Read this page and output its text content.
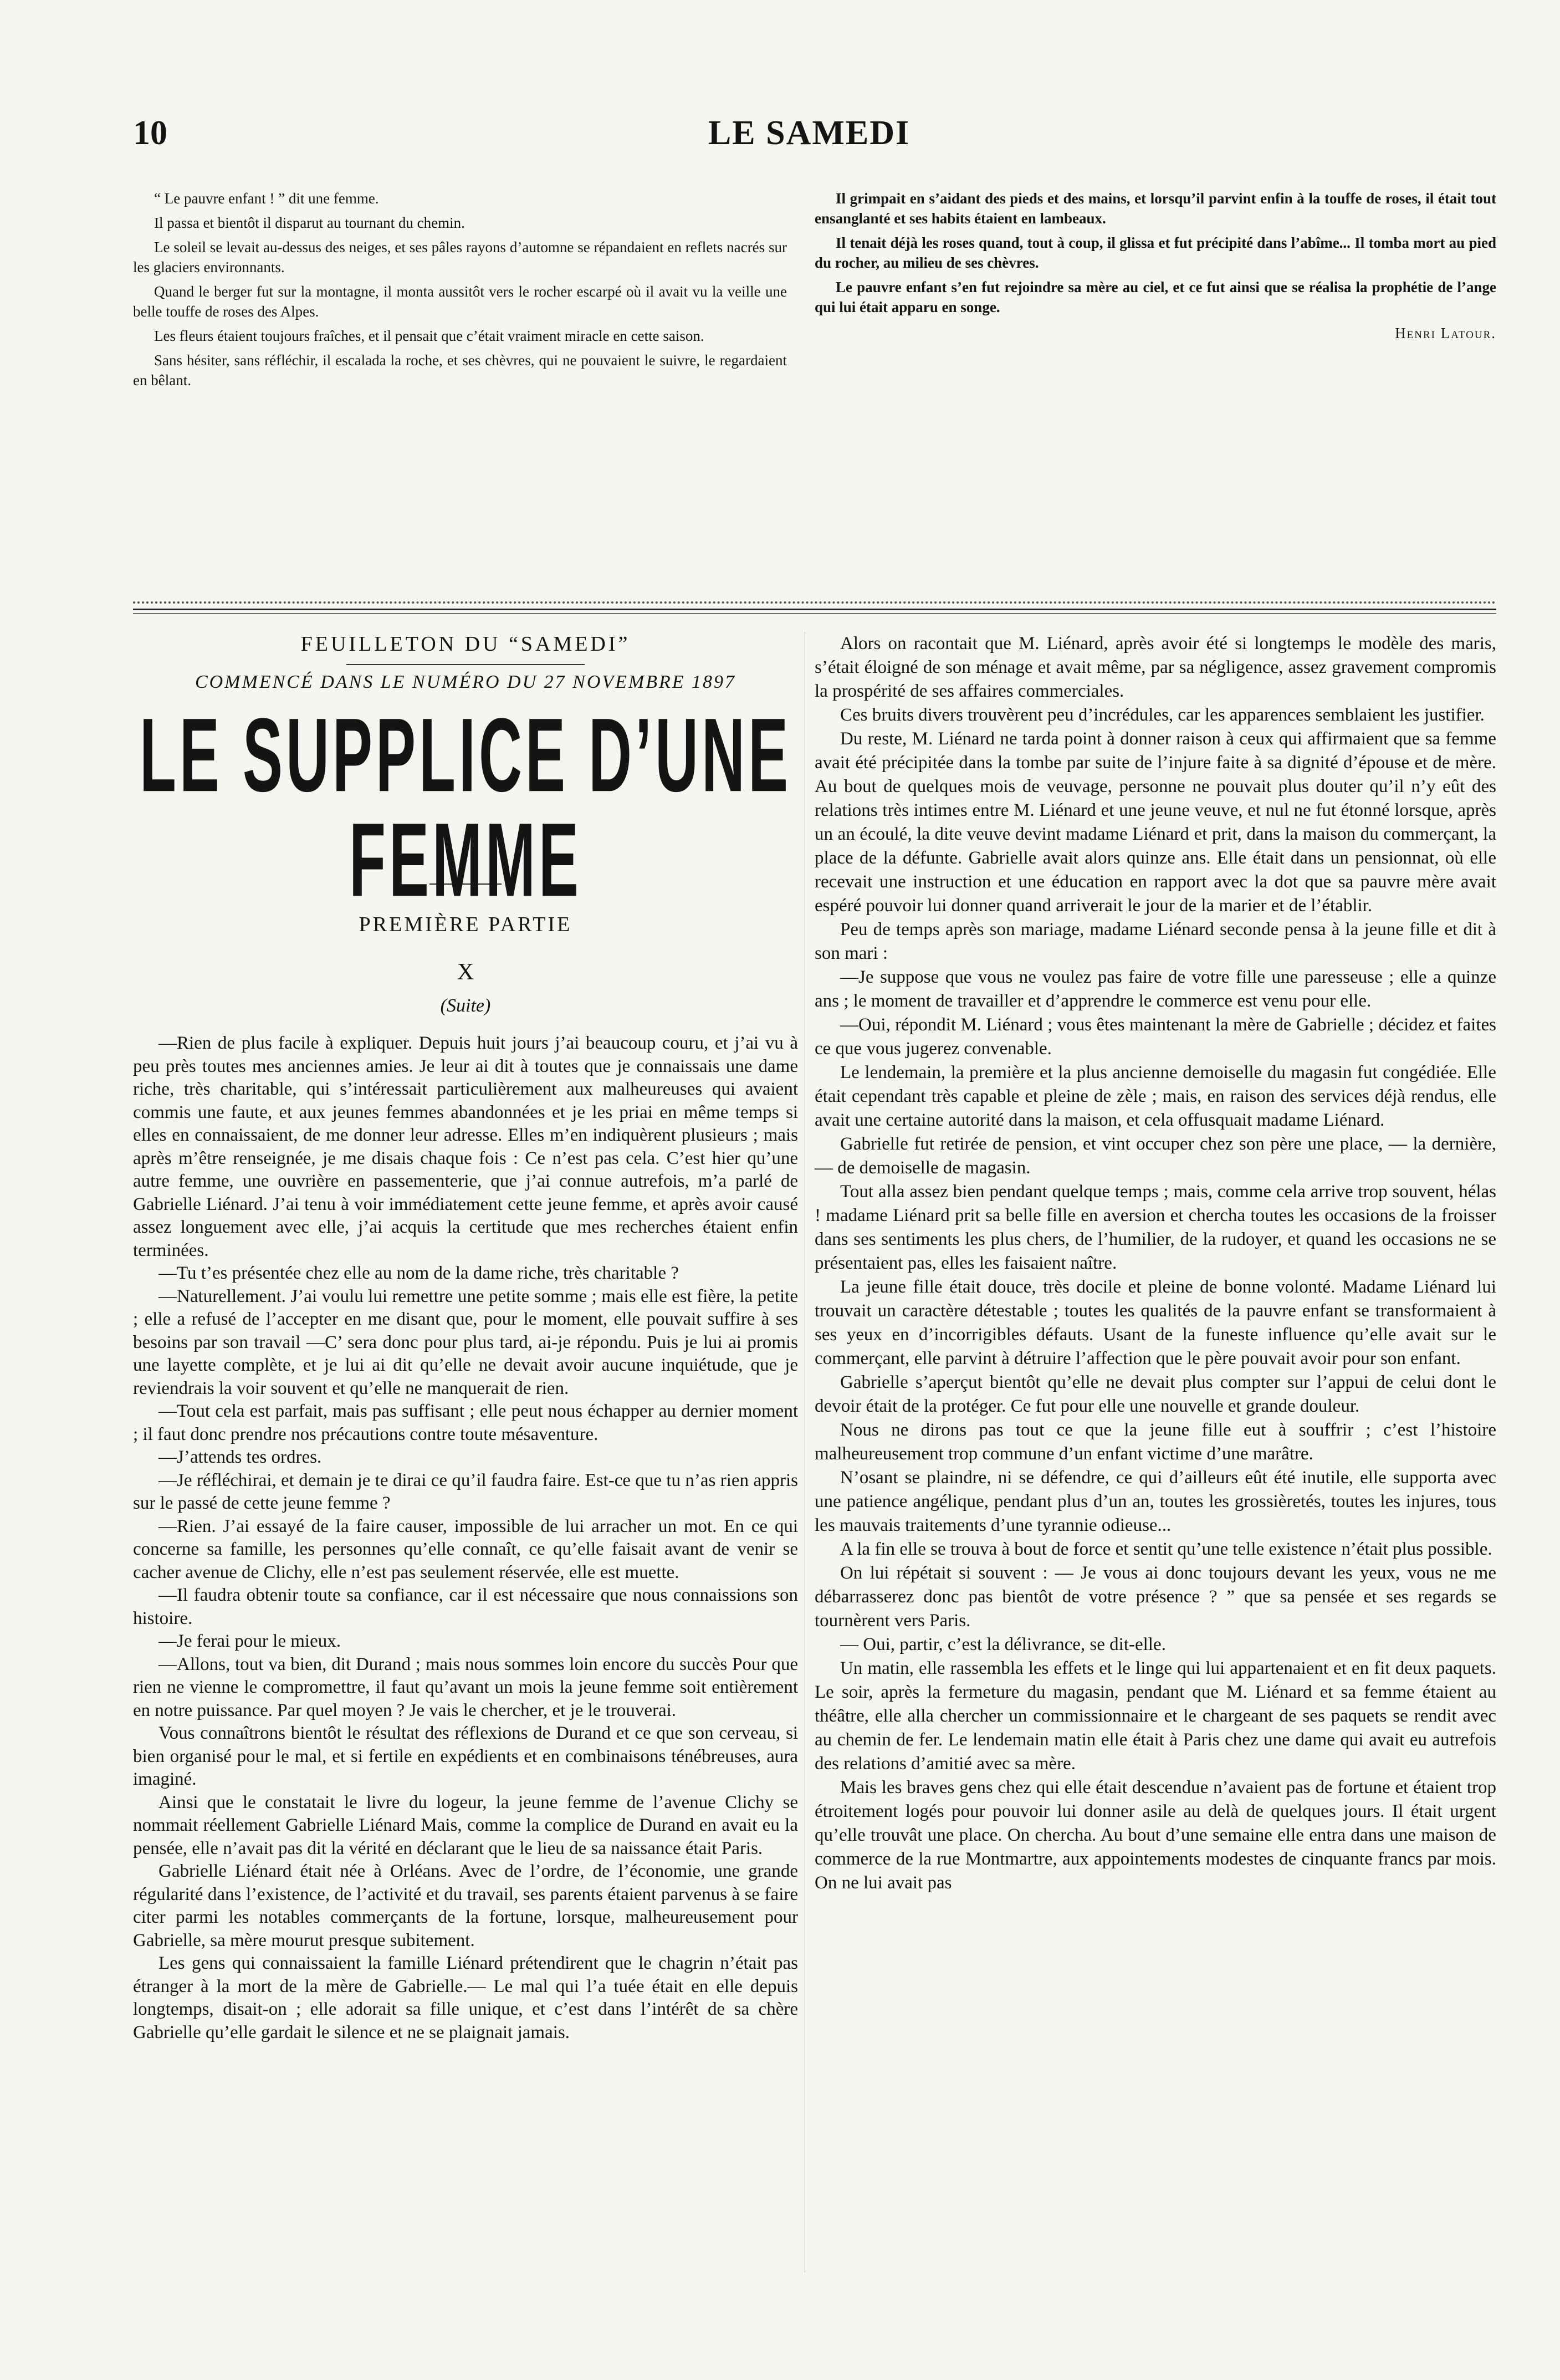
10	LE SAMEDI

“ Le pauvre enfant ! ” dit une femme.

Il passa et bientôt il disparut au tournant du chemin.

Le soleil se levait au-dessus des neiges, et ses pâles rayons d’automne se répandaient en reflets nacrés sur les glaciers environnants.

Quand le berger fut sur la montagne, il monta aussitôt vers le rocher escarpé où il avait vu la veille une belle touffe de roses des Alpes.

Les fleurs étaient toujours fraîches, et il pensait que c’était vraiment miracle en cette saison.

Sans hésiter, sans réfléchir, il escalada la roche, et ses chèvres, qui ne pouvaient le suivre, le regardaient en bêlant.

Il grimpait en s’aidant des pieds et des mains, et lorsqu’il parvint enfin à la touffe de roses, il était tout ensanglanté et ses habits étaient en lambeaux.

Il tenait déjà les roses quand, tout à coup, il glissa et fut précipité dans l’abîme... Il tomba mort au pied du rocher, au milieu de ses chèvres.

Le pauvre enfant s’en fut rejoindre sa mère au ciel, et ce fut ainsi que se réalisa la prophétie de l’ange qui lui était apparu en songe.

Henri Latour.
FEUILLETON DU “SAMEDI”
COMMENCÉ DANS LE NUMÉRO DU 27 NOVEMBRE 1897
LE SUPPLICE D’UNE FEMME
PREMIÈRE PARTIE
X
(Suite)

—Rien de plus facile à expliquer. Depuis huit jours j’ai beaucoup couru, et j’ai vu à peu près toutes mes anciennes amies. Je leur ai dit à toutes que je connaissais une dame riche, très charitable, qui s’intéressait particulièrement aux malheureuses qui avaient commis une faute, et aux jeunes femmes abandonnées et je les priai en même temps si elles en connaissaient, de me donner leur adresse. Elles m’en indiquèrent plusieurs ; mais après m’être renseignée, je me disais chaque fois : Ce n’est pas cela. C’est hier qu’une autre femme, une ouvrière en passementerie, que j’ai connue autrefois, m’a parlé de Gabrielle Liénard. J’ai tenu à voir immédiatement cette jeune femme, et après avoir causé assez longuement avec elle, j’ai acquis la certitude que mes recherches étaient enfin terminées.

—Tu t’es présentée chez elle au nom de la dame riche, très charitable ?

—Naturellement. J’ai voulu lui remettre une petite somme ; mais elle est fière, la petite ; elle a refusé de l’accepter en me disant que, pour le moment, elle pouvait suffire à ses besoins par son travail —C’ sera donc pour plus tard, ai-je répondu. Puis je lui ai promis une layette complète, et je lui ai dit qu’elle ne devait avoir aucune inquiétude, que je reviendrais la voir souvent et qu’elle ne manquerait de rien.

—Tout cela est parfait, mais pas suffisant ; elle peut nous échapper au dernier moment ; il faut donc prendre nos précautions contre toute mésaventure.

—J’attends tes ordres.

—Je réfléchirai, et demain je te dirai ce qu’il faudra faire. Est-ce que tu n’as rien appris sur le passé de cette jeune femme ?

—Rien. J’ai essayé de la faire causer, impossible de lui arracher un mot. En ce qui concerne sa famille, les personnes qu’elle connaît, ce qu’elle faisait avant de venir se cacher avenue de Clichy, elle n’est pas seulement réservée, elle est muette.

—Il faudra obtenir toute sa confiance, car il est nécessaire que nous connaissions son histoire.

—Je ferai pour le mieux.

—Allons, tout va bien, dit Durand ; mais nous sommes loin encore du succès Pour que rien ne vienne le compromettre, il faut qu’avant un mois la jeune femme soit entièrement en notre puissance. Par quel moyen ? Je vais le chercher, et je le trouverai.

Vous connaîtrons bientôt le résultat des réflexions de Durand et ce que son cerveau, si bien organisé pour le mal, et si fertile en expédients et en combinaisons ténébreuses, aura imaginé.

Ainsi que le constatait le livre du logeur, la jeune femme de l’avenue Clichy se nommait réellement Gabrielle Liénard Mais, comme la complice de Durand en avait eu la pensée, elle n’avait pas dit la vérité en déclarant que le lieu de sa naissance était Paris.

Gabrielle Liénard était née à Orléans. Avec de l’ordre, de l’économie, une grande régularité dans l’existence, de l’activité et du travail, ses parents étaient parvenus à se faire citer parmi les notables commerçants de la fortune, lorsque, malheureusement pour Gabrielle, sa mère mourut presque subitement.

Les gens qui connaissaient la famille Liénard prétendirent que le chagrin n’était pas étranger à la mort de la mère de Gabrielle.— Le mal qui l’a tuée était en elle depuis longtemps, disait-on ; elle adorait sa fille unique, et c’est dans l’intérêt de sa chère Gabrielle qu’elle gardait le silence et ne se plaignait jamais.

Alors on racontait que M. Liénard, après avoir été si longtemps le modèle des maris, s’était éloigné de son ménage et avait même, par sa négligence, assez gravement compromis la prospérité de ses affaires commerciales.

Ces bruits divers trouvèrent peu d’incrédules, car les apparences semblaient les justifier.

Du reste, M. Liénard ne tarda point à donner raison à ceux qui affirmaient que sa femme avait été précipitée dans la tombe par suite de l’injure faite à sa dignité d’épouse et de mère. Au bout de quelques mois de veuvage, personne ne pouvait plus douter qu’il n’y eût des relations très intimes entre M. Liénard et une jeune veuve, et nul ne fut étonné lorsque, après un an écoulé, la dite veuve devint madame Liénard et prit, dans la maison du commerçant, la place de la défunte. Gabrielle avait alors quinze ans. Elle était dans un pensionnat, où elle recevait une instruction et une éducation en rapport avec la dot que sa pauvre mère avait espéré pouvoir lui donner quand arriverait le jour de la marier et de l’établir.

Peu de temps après son mariage, madame Liénard seconde pensa à la jeune fille et dit à son mari :

—Je suppose que vous ne voulez pas faire de votre fille une paresseuse ; elle a quinze ans ; le moment de travailler et d’apprendre le commerce est venu pour elle.

—Oui, répondit M. Liénard ; vous êtes maintenant la mère de Gabrielle ; décidez et faites ce que vous jugerez convenable.

Le lendemain, la première et la plus ancienne demoiselle du magasin fut congédiée. Elle était cependant très capable et pleine de zèle ; mais, en raison des services déjà rendus, elle avait une certaine autorité dans la maison, et cela offusquait madame Liénard.

Gabrielle fut retirée de pension, et vint occuper chez son père une place, — la dernière, — de demoiselle de magasin.

Tout alla assez bien pendant quelque temps ; mais, comme cela arrive trop souvent, hélas ! madame Liénard prit sa belle fille en aversion et chercha toutes les occasions de la froisser dans ses sentiments les plus chers, de l’humilier, de la rudoyer, et quand les occasions ne se présentaient pas, elles les faisaient naître.

La jeune fille était douce, très docile et pleine de bonne volonté. Madame Liénard lui trouvait un caractère détestable ; toutes les qualités de la pauvre enfant se transformaient à ses yeux en d’incorrigibles défauts. Usant de la funeste influence qu’elle avait sur le commerçant, elle parvint à détruire l’affection que le père pouvait avoir pour son enfant.

Gabrielle s’aperçut bientôt qu’elle ne devait plus compter sur l’appui de celui dont le devoir était de la protéger. Ce fut pour elle une nouvelle et grande douleur.

Nous ne dirons pas tout ce que la jeune fille eut à souffrir ; c’est l’histoire malheureusement trop commune d’un enfant victime d’une marâtre.

N’osant se plaindre, ni se défendre, ce qui d’ailleurs eût été inutile, elle supporta avec une patience angélique, pendant plus d’un an, toutes les grossièretés, toutes les injures, tous les mauvais traitements d’une tyrannie odieuse...

A la fin elle se trouva à bout de force et sentit qu’une telle existence n’était plus possible.

On lui répétait si souvent : — Je vous ai donc toujours devant les yeux, vous ne me débarrasserez donc pas bientôt de votre présence ? ” que sa pensée et ses regards se tournèrent vers Paris.

— Oui, partir, c’est la délivrance, se dit-elle.

Un matin, elle rassembla les effets et le linge qui lui appartenaient et en fit deux paquets. Le soir, après la fermeture du magasin, pendant que M. Liénard et sa femme étaient au théâtre, elle alla chercher un commissionnaire et le chargeant de ses paquets se rendit avec au chemin de fer. Le lendemain matin elle était à Paris chez une dame qui avait eu autrefois des relations d’amitié avec sa mère.

Mais les braves gens chez qui elle était descendue n’avaient pas de fortune et étaient trop étroitement logés pour pouvoir lui donner asile au delà de quelques jours. Il était urgent qu’elle trouvât une place. On chercha. Au bout d’une semaine elle entra dans une maison de commerce de la rue Montmartre, aux appointements modestes de cinquante francs par mois. On ne lui avait pas
